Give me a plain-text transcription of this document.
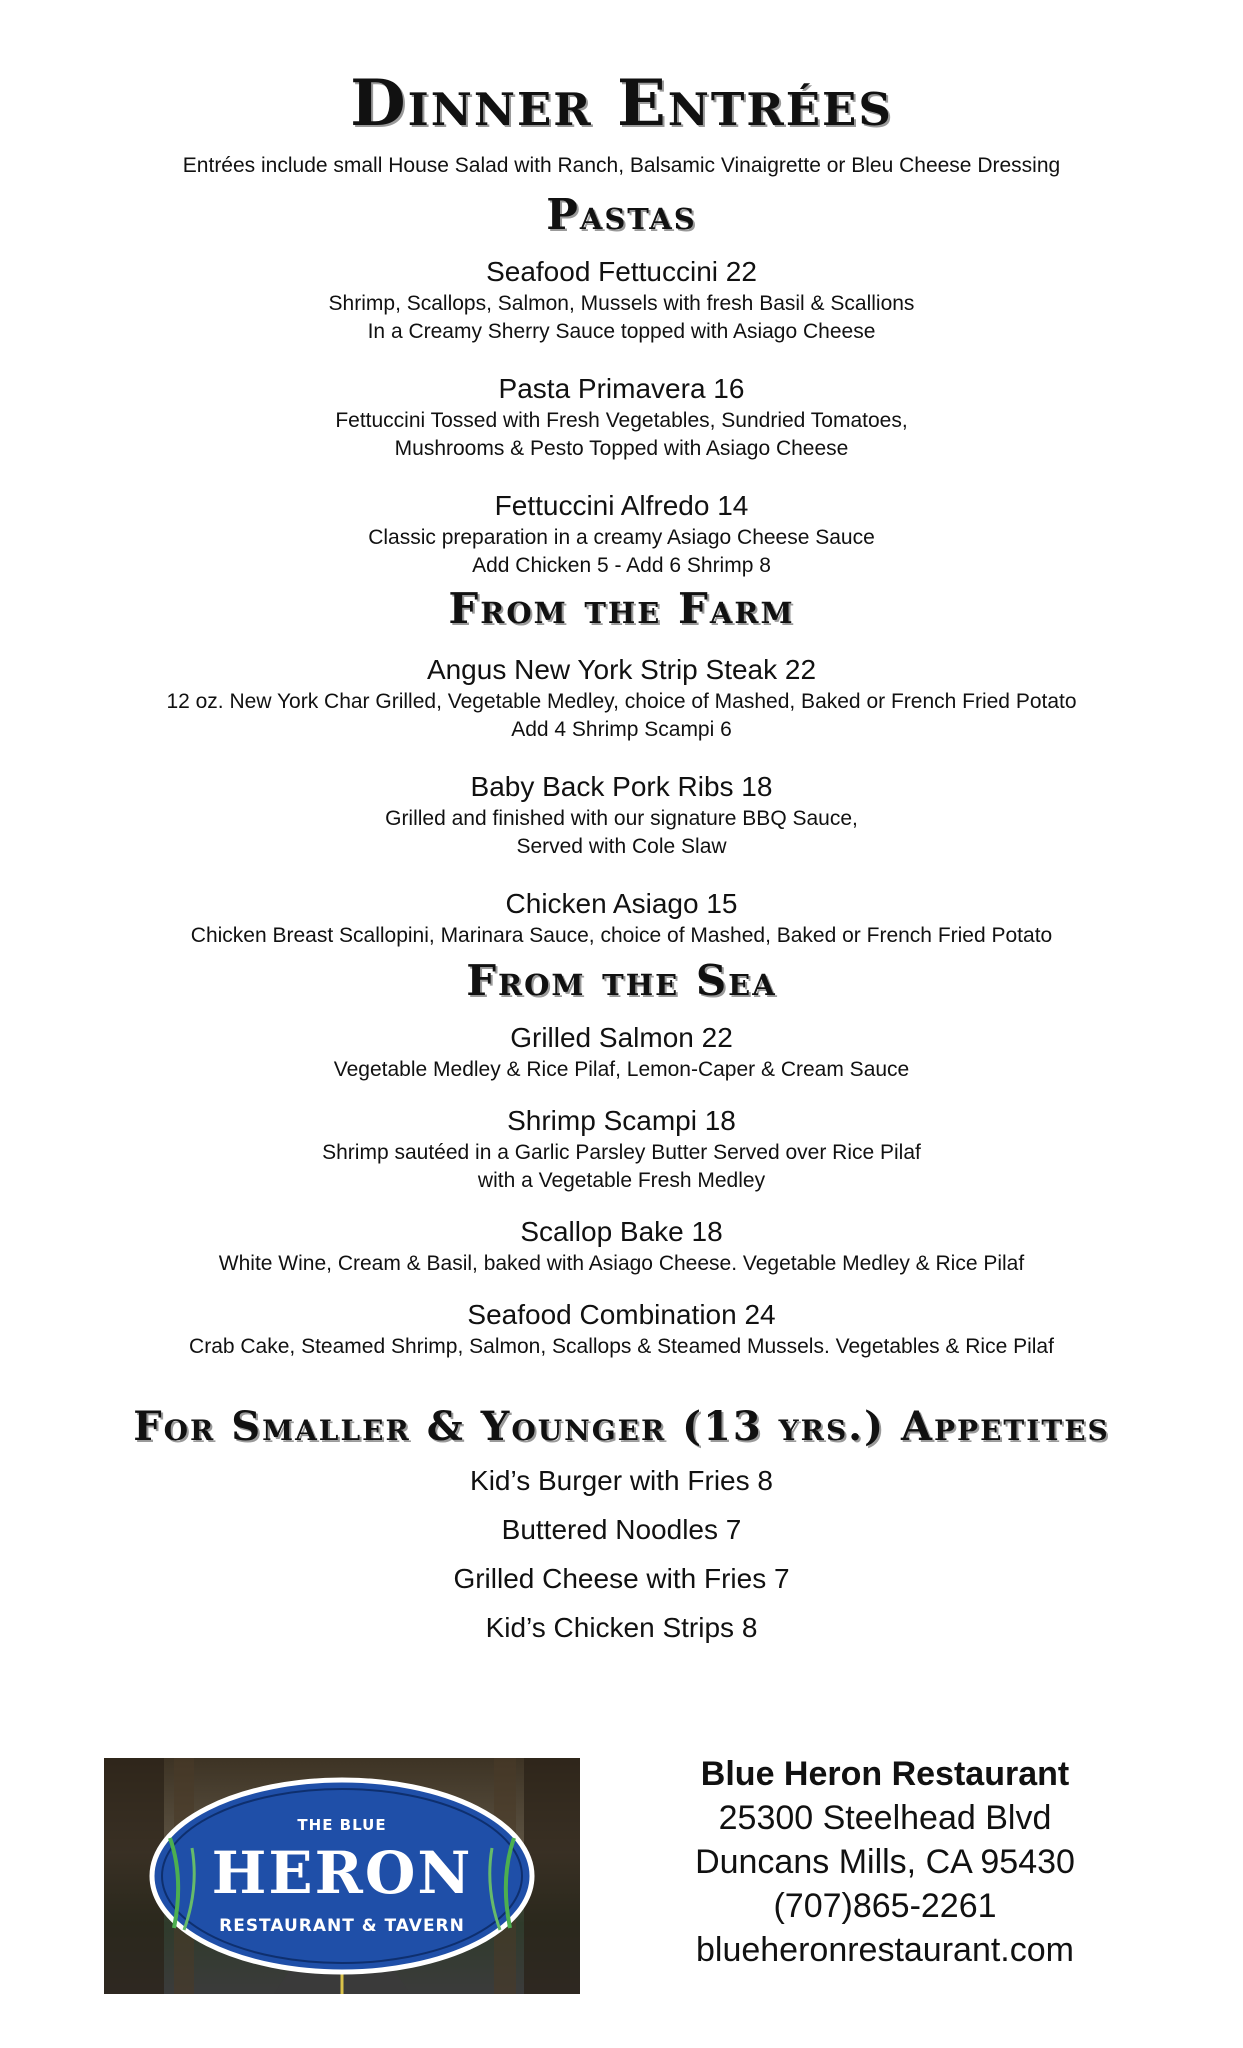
Dinner Entrées
Entrées include small House Salad with Ranch, Balsamic Vinaigrette or Bleu Cheese Dressing
Pastas
Seafood Fettuccini 22
Shrimp, Scallops, Salmon, Mussels with fresh Basil & Scallions
In a Creamy Sherry Sauce topped with Asiago Cheese
Pasta Primavera 16
Fettuccini Tossed with Fresh Vegetables, Sundried Tomatoes,
Mushrooms & Pesto Topped with Asiago Cheese
Fettuccini Alfredo 14
Classic preparation in a creamy Asiago Cheese Sauce
Add Chicken 5 - Add 6 Shrimp 8
From the Farm
Angus New York Strip Steak 22
12 oz. New York Char Grilled, Vegetable Medley, choice of Mashed, Baked or French Fried Potato
Add 4 Shrimp Scampi 6
Baby Back Pork Ribs 18
Grilled and finished with our signature BBQ Sauce,
Served with Cole Slaw
Chicken Asiago 15
Chicken Breast Scallopini, Marinara Sauce, choice of Mashed, Baked or French Fried Potato
From the Sea
Grilled Salmon 22
Vegetable Medley & Rice Pilaf, Lemon-Caper & Cream Sauce
Shrimp Scampi 18
Shrimp sautéed in a Garlic Parsley Butter Served over Rice Pilaf
with a Vegetable Fresh Medley
Scallop Bake 18
White Wine, Cream & Basil, baked with Asiago Cheese. Vegetable Medley & Rice Pilaf
Seafood Combination 24
Crab Cake, Steamed Shrimp, Salmon, Scallops & Steamed Mussels. Vegetables & Rice Pilaf
For Smaller & Younger (13 yrs.) Appetites
Kid’s Burger with Fries 8
Buttered Noodles 7
Grilled Cheese with Fries 7
Kid’s Chicken Strips 8
THE BLUE
HERON
RESTAURANT & TAVERN
Blue Heron Restaurant
25300 Steelhead Blvd
Duncans Mills, CA 95430
(707)865-2261
blueheronrestaurant.com
